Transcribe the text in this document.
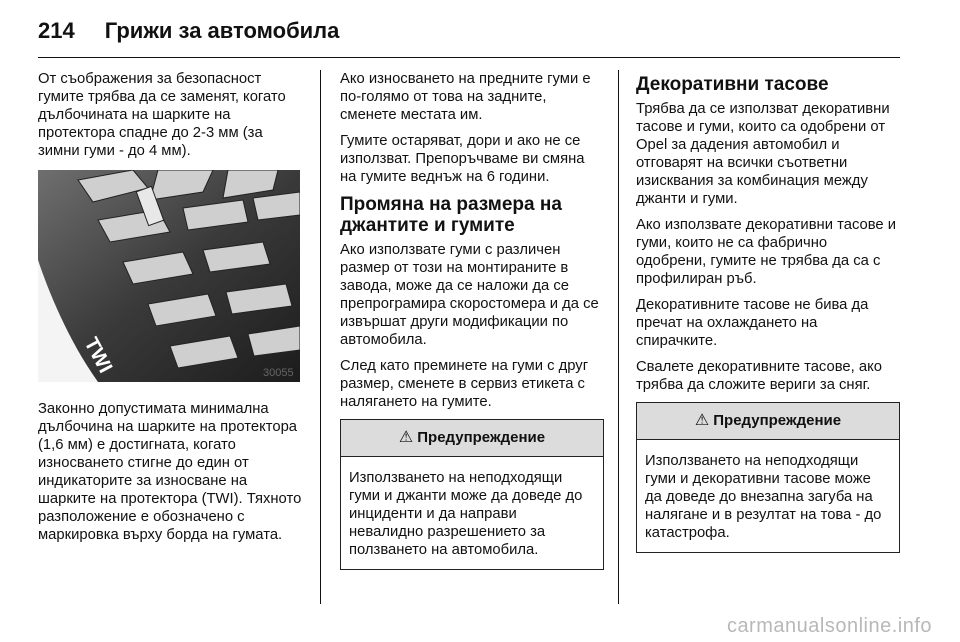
214 Грижи за автомобила

От съображения за безопасност гумите трябва да се заменят, когато дълбочината на шарките на протектора спадне до 2-3 мм (за зимни гуми - до 4 мм).

TWI	30055

Законно допустимата минимална дълбочина на шарките на протектора (1,6 мм) е достигната, когато износването стигне до един от индикаторите за износване на шарките на протектора (TWI). Тяхното разположение е обозначено с маркировка върху борда на гумата.

Ако износването на предните гуми е по-голямо от това на задните, сменете местата им.

Гумите остаряват, дори и ако не се използват. Препоръчваме ви смяна на гумите веднъж на 6 години.

Промяна на размера на джантите и гумите

Ако използвате гуми с различен размер от този на монтираните в завода, може да се наложи да се препрограмира скоростомера и да се извършат други модификации по автомобила.

След като преминете на гуми с друг размер, сменете в сервиз етикета с налягането на гумите.

⚠ Предупреждение
Използването на неподходящи гуми и джанти може да доведе до инциденти и да направи невалидно разрешението за ползването на автомобила.
Декоративни тасове

Трябва да се използват декоративни тасове и гуми, които са одобрени от Opel за дадения автомобил и отговарят на всички съответни изисквания за комбинация между джанти и гуми.

Ако използвате декоративни тасове и гуми, които не са фабрично одобрени, гумите не трябва да са с профилиран ръб.

Декоративните тасове не бива да пречат на охлаждането на спирачките.

Свалете декоративните тасове, ако трябва да сложите вериги за сняг.

⚠ Предупреждение
Използването на неподходящи гуми и декоративни тасове може да доведе до внезапна загуба на налягане и в резултат на това - до катастрофа.
carmanualsonline.info
